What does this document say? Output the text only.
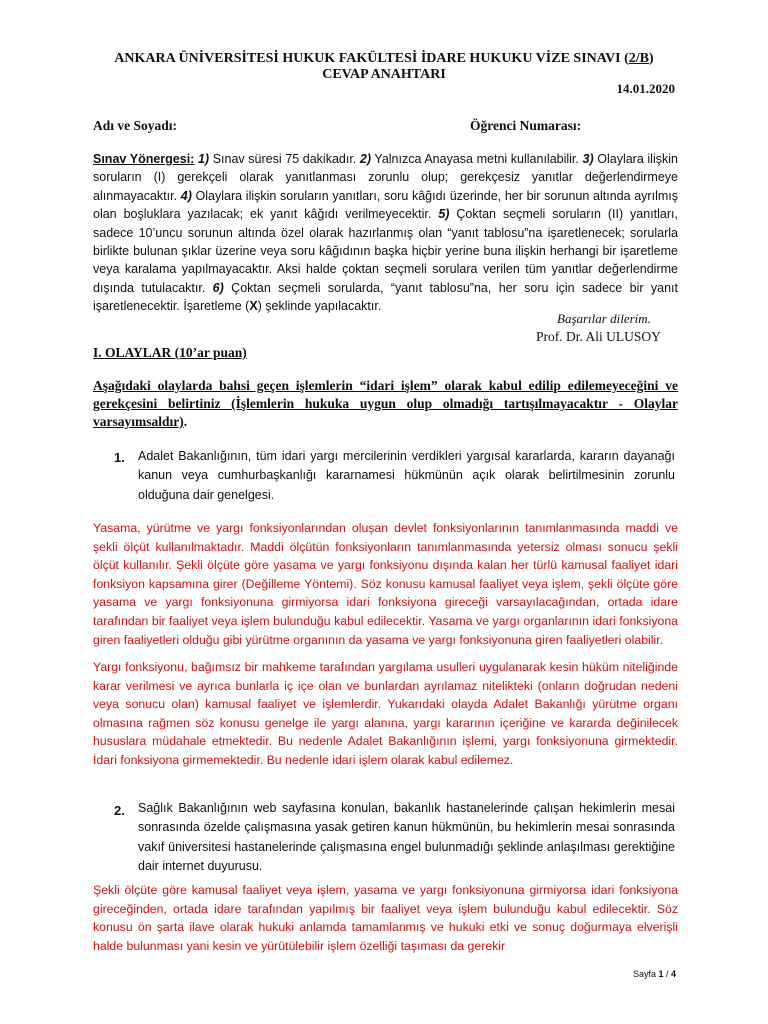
ANKARA ÜNİVERSİTESİ HUKUK FAKÜLTESİ İDARE HUKUKU VİZE SINAVI (2/B)
CEVAP ANAHTARI
14.01.2020
Adı ve Soyadı:	Öğrenci Numarası:

Sınav Yönergesi: 1) Sınav süresi 75 dakikadır. 2) Yalnızca Anayasa metni kullanılabilir. 3) Olaylara ilişkin soruların (I) gerekçeli olarak yanıtlanması zorunlu olup; gerekçesiz yanıtlar değerlendirmeye alınmayacaktır. 4) Olaylara ilişkin soruların yanıtları, soru kâğıdı üzerinde, her bir sorunun altında ayrılmış olan boşluklara yazılacak; ek yanıt kâğıdı verilmeyecektir. 5) Çoktan seçmeli soruların (II) yanıtları, sadece 10’uncu sorunun altında özel olarak hazırlanmış olan “yanıt tablosu”na işaretlenecek; sorularla birlikte bulunan şıklar üzerine veya soru kâğıdının başka hiçbir yerine buna ilişkin herhangi bir işaretleme veya karalama yapılmayacaktır. Aksi halde çoktan seçmeli sorulara verilen tüm yanıtlar değerlendirme dışında tutulacaktır. 6) Çoktan seçmeli sorularda, “yanıt tablosu”na, her soru için sadece bir yanıt işaretlenecektir. İşaretleme (X) şeklinde yapılacaktır.

Başarılar dilerim.
Prof. Dr. Ali ULUSOY
I. OLAYLAR (10’ar puan)

Aşağıdaki olaylarda bahsi geçen işlemlerin “idari işlem” olarak kabul edilip edilemeyeceğini ve gerekçesini belirtiniz (İşlemlerin hukuka uygun olup olmadığı tartışılmayacaktır - Olaylar varsayımsaldır).

1. Adalet Bakanlığının, tüm idari yargı mercilerinin verdikleri yargısal kararlarda, kararın dayanağı kanun veya cumhurbaşkanlığı kararnamesi hükmünün açık olarak belirtilmesinin zorunlu olduğuna dair genelgesi.

Yasama, yürütme ve yargı fonksiyonlarından oluşan devlet fonksiyonlarının tanımlanmasında maddi ve şekli ölçüt kullanılmaktadır. Maddi ölçütün fonksiyonların tanımlanmasında yetersiz olması sonucu şekli ölçüt kullanılır. Şekli ölçüte göre yasama ve yargı fonksiyonu dışında kalan her türlü kamusal faaliyet idari fonksiyon kapsamına girer (Değilleme Yöntemi). Söz konusu kamusal faaliyet veya işlem, şekli ölçüte göre yasama ve yargı fonksiyonuna girmiyorsa idari fonksiyona gireceği varsayılacağından, ortada idare tarafından bir faaliyet veya işlem bulunduğu kabul edilecektir. Yasama ve yargı organlarının idari fonksiyona giren faaliyetleri olduğu gibi yürütme organının da yasama ve yargı fonksiyonuna giren faaliyetleri olabilir.

Yargı fonksiyonu, bağımsız bir mahkeme tarafından yargılama usulleri uygulanarak kesin hüküm niteliğinde karar verilmesi ve ayrıca bunlarla iç içe olan ve bunlardan ayrılamaz nitelikteki (onların doğrudan nedeni veya sonucu olan) kamusal faaliyet ve işlemlerdir. Yukarıdaki olayda Adalet Bakanlığı yürütme organı olmasına rağmen söz konusu genelge ile yargı alanına, yargı kararının içeriğine ve kararda değinilecek hususlara müdahale etmektedir. Bu nedenle Adalet Bakanlığının işlemi, yargı fonksiyonuna girmektedir. İdari fonksiyona girmemektedir. Bu nedenle idari işlem olarak kabul edilemez.

2. Sağlık Bakanlığının web sayfasına konulan, bakanlık hastanelerinde çalışan hekimlerin mesai sonrasında özelde çalışmasına yasak getiren kanun hükmünün, bu hekimlerin mesai sonrasında vakıf üniversitesi hastanelerinde çalışmasına engel bulunmadığı şeklinde anlaşılması gerektiğine dair internet duyurusu.

Şekli ölçüte göre kamusal faaliyet veya işlem, yasama ve yargı fonksiyonuna girmiyorsa idari fonksiyona gireceğinden, ortada idare tarafından yapılmış bir faaliyet veya işlem bulunduğu kabul edilecektir. Söz konusu ön şarta ilave olarak hukuki anlamda tamamlanmış ve hukuki etki ve sonuç doğurmaya elverişli halde bulunması yani kesin ve yürütülebilir işlem özelliği taşıması da gerekir

Sayfa 1 / 4
